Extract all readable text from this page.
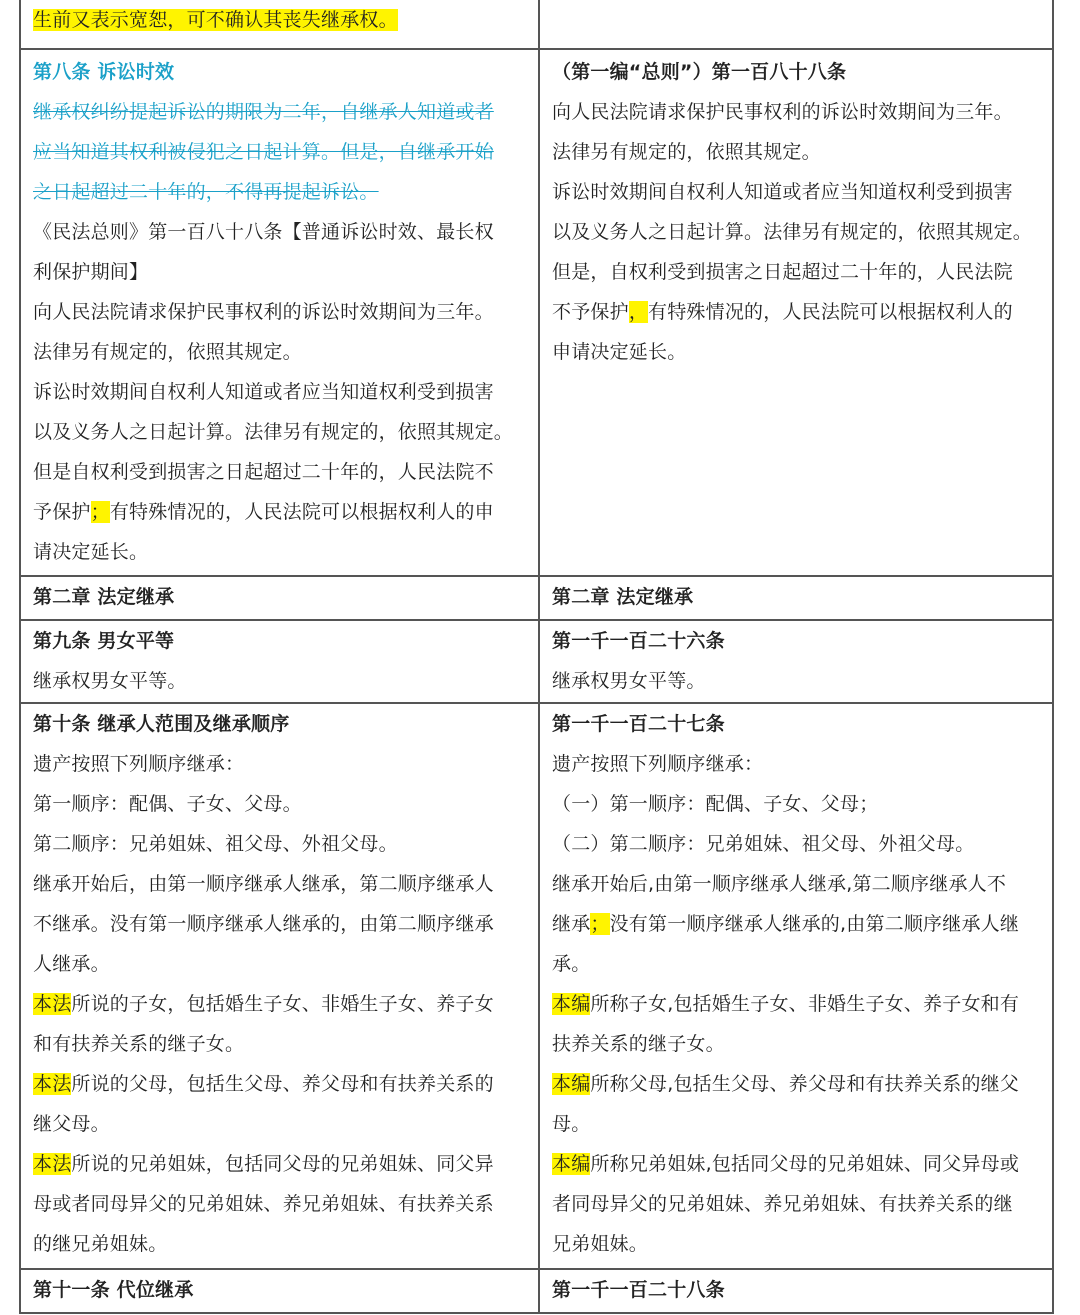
生前又表示宽恕，可不确认其丧失继承权。
第八条 诉讼时效
继承权纠纷提起诉讼的期限为二年，自继承人知道或者
应当知道其权利被侵犯之日起计算。但是，自继承开始
之日起超过二十年的，不得再提起诉讼。
《民法总则》第一百八十八条【普通诉讼时效、最长权
利保护期间】
向人民法院请求保护民事权利的诉讼时效期间为三年。
法律另有规定的，依照其规定。
诉讼时效期间自权利人知道或者应当知道权利受到损害
以及义务人之日起计算。法律另有规定的，依照其规定。
但是自权利受到损害之日起超过二十年的，人民法院不
予保护；有特殊情况的，人民法院可以根据权利人的申
请决定延长。
（第一编“总则”）第一百八十八条
向人民法院请求保护民事权利的诉讼时效期间为三年。
法律另有规定的，依照其规定。
诉讼时效期间自权利人知道或者应当知道权利受到损害
以及义务人之日起计算。法律另有规定的，依照其规定。
但是，自权利受到损害之日起超过二十年的，人民法院
不予保护，有特殊情况的，人民法院可以根据权利人的
申请决定延长。
第二章 法定继承	第二章 法定继承
第九条 男女平等
继承权男女平等。
第一千一百二十六条
继承权男女平等。
第十条 继承人范围及继承顺序
遗产按照下列顺序继承：
第一顺序：配偶、子女、父母。
第二顺序：兄弟姐妹、祖父母、外祖父母。
继承开始后，由第一顺序继承人继承，第二顺序继承人
不继承。没有第一顺序继承人继承的，由第二顺序继承
人继承。
本法所说的子女，包括婚生子女、非婚生子女、养子女
和有扶养关系的继子女。
本法所说的父母，包括生父母、养父母和有扶养关系的
继父母。
本法所说的兄弟姐妹，包括同父母的兄弟姐妹、同父异
母或者同母异父的兄弟姐妹、养兄弟姐妹、有扶养关系
的继兄弟姐妹。
第一千一百二十七条
遗产按照下列顺序继承：
（一）第一顺序：配偶、子女、父母；
（二）第二顺序：兄弟姐妹、祖父母、外祖父母。
继承开始后,由第一顺序继承人继承,第二顺序继承人不
继承；没有第一顺序继承人继承的,由第二顺序继承人继
承。
本编所称子女,包括婚生子女、非婚生子女、养子女和有
扶养关系的继子女。
本编所称父母,包括生父母、养父母和有扶养关系的继父
母。
本编所称兄弟姐妹,包括同父母的兄弟姐妹、同父异母或
者同母异父的兄弟姐妹、养兄弟姐妹、有扶养关系的继
兄弟姐妹。
第十一条 代位继承	第一千一百二十八条
